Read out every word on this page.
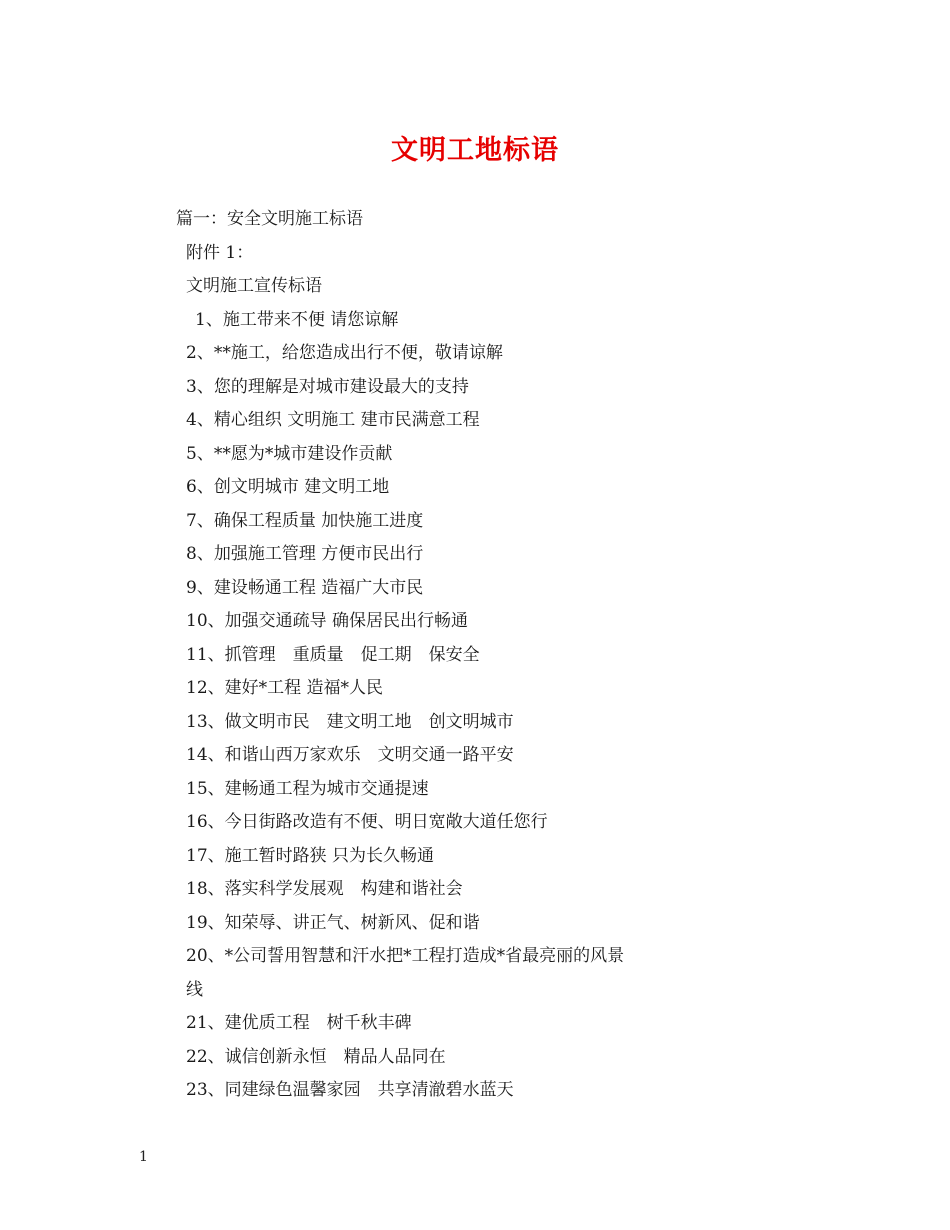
文明工地标语
篇一：安全文明施工标语
附件 1：
文明施工宣传标语
1、施工带来不便 请您谅解
2、**施工，给您造成出行不便，敬请谅解
3、您的理解是对城市建设最大的支持
4、精心组织 文明施工 建市民满意工程
5、**愿为*城市建设作贡献
6、创文明城市 建文明工地
7、确保工程质量 加快施工进度
8、加强施工管理 方便市民出行
9、建设畅通工程 造福广大市民
10、加强交通疏导 确保居民出行畅通
11、抓管理　重质量　促工期　保安全
12、建好*工程 造福*人民
13、做文明市民　建文明工地　创文明城市
14、和谐山西万家欢乐　文明交通一路平安
15、建畅通工程为城市交通提速
16、今日街路改造有不便、明日宽敞大道任您行
17、施工暂时路狭 只为长久畅通
18、落实科学发展观　构建和谐社会
19、知荣辱、讲正气、树新风、促和谐
20、*公司誓用智慧和汗水把*工程打造成*省最亮丽的风景
线
21、建优质工程　树千秋丰碑
22、诚信创新永恒　精品人品同在
23、同建绿色温馨家园　共享清澈碧水蓝天
1
